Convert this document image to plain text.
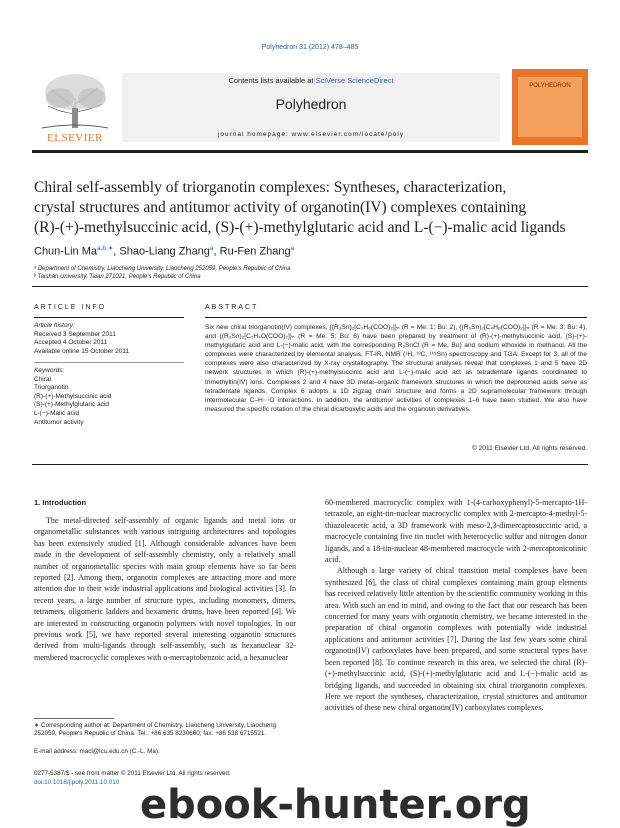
Polyhedron 31 (2012) 478–485
ELSEVIER
Contents lists available at SciVerse ScienceDirect
Polyhedron
journal homepage: www.elsevier.com/locate/poly
POLYHEDRON
Chiral self-assembly of triorganotin complexes: Syntheses, characterization,
crystal structures and antitumor activity of organotin(IV) complexes containing
(R)-(+)-methylsuccinic acid, (S)-(+)-methylglutaric acid and L-(−)-malic acid ligands
Chun-Lin $Ma^{a,b,∗}$, Shao-Liang Zhang$^a$, Ru-Fen Zhang$^a$
ᵃ Department of Chemistry, Liaocheng University, Liaocheng 252059, People's Republic of China
ᵇ Taishan University, Taian 271021, People's Republic of China
ARTICLE INFO
Article history:
Received 3 September 2011
Accepted 4 October 2011
Available online 15 October 2011
Keywords:
Chiral
Triorganotin
(R)-(+)-Methylsuccinic acid
(S)-(+)-Methylglutaric acid
L-(−)-Malic acid
Antitumor activity
ABSTRACT
Six new chiral triorganotin(IV) complexes, {(R₃Sn)₂[C₃H₆(COO)₂]}ₙ (R = Me: 1; Bu: 2), {(R₃Sn)₂[C₄H₈(COO)₂]}ₙ (R = Me: 3; Bu: 4), and {(R₃Sn)₂[C₂H₄O(COO)₂]}ₙ (R = Me: 5; Bu: 6) have been prepared by treatment of (R)-(+)-methylsuccinic acid, (S)-(+)-methylglutaric acid and L-(−)-malic acid, with the corresponding R₃SnCl (R = Me, Bu) and sodium ethoxide in methanol. All the complexes were characterized by elemental analysis, FT-IR, NMR (¹H, ¹³C, ¹¹⁹Sn) spectroscopy and TGA. Except for 3, all of the complexes were also characterized by X-ray crystallography. The structural analyses reveal that complexes 1 and 5 have 2D network structures in which (R)-(+)-methylsuccinic acid and L-(−)-malic acid act as tetradentate ligands coordinated to trimethyltin(IV) ions. Complexes 2 and 4 have 3D metal–organic framework structures in which the deprotoned acids serve as tetradentate ligands. Complex 6 adopts a 1D zigzag chain structure and forms a 2D supramolecular framework through intermolecular C–H⋯O interactions. In addition, the antitumor activities of complexes 1–6 have been studied. We also have measured the specific rotation of the chiral dicarboxylic acids and the organotin derivatives.
© 2011 Elsevier Ltd. All rights reserved.
1. Introduction

The metal-directed self-assembly of organic ligands and metal ions or organometallic substances with various intriguing architectures and topologies has been extensively studied [1]. Although considerable advances have been made in the development of self-assembly chemistry, only a relatively small number of organometallic species with main group elements have so far been reported [2]. Among them, organotin complexes are attracting more and more attention due to their wide industrial applications and biological activities [3]. In recent years, a large number of structure types, including monomers, dimers, tetramers, oligomeric ladders and hexameric drums, have been reported [4]. We are interested in constructing organotin polymers with novel topologies. In our previous work [5], we have reported several interesting organotin structures derived from multi-ligands through self-assembly, such as hexanuclear 32-membered macrocyclic complexes with o-mercaptobenzoic acid, a hexanuclear

60-membered macrocyclic complex with 1-(4-carboxyphenyl)-5-mercapto-1H-tetrazole, an eight-tin-nuclear macrocyclic complex with 2-mercapto-4-methyl-5-thiazoleacetic acid, a 3D framework with meso-2,3-dimercaptosuccinic acid, a macrocycle containing five tin nuclei with heterocyclic sulfur and nitrogen donor ligands, and a 18-tin-nuclear 48-membered macrocycle with 2-mercaptonicotinic acid.

Although a large variety of chiral transition metal complexes have been synthesized [6], the class of chiral complexes containing main group elements has received relatively little attention by the scientific community working in this area. With such an end in mind, and owing to the fact that our research has been concerned for many years with organotin chemistry, we became interested in the preparation of chiral organotin complexes with potentially wide industrial applications and antitumor activities [7]. During the last few years some chiral organotin(IV) carboxylates have been prepared, and some structural types have been reported [8]. To continue research in this area, we selected the chiral (R)-(+)-methylsuccinic acid, (S)-(+)-methylglutaric acid and L-(−)-malic acid as bridging ligands, and succeeded in obtaining six chiral triorganotin complexes. Here we report the syntheses, characterization, crystal structures and antitumor activities of these new chiral organotin(IV) carboxylates complexes.

∗ Corresponding author at: Department of Chemistry, Liaocheng University, Liaocheng 252059, People's Republic of China. Tel.: +86 635 8230660; fax: +86 538 6715521.
E-mail address: macl@lcu.edu.cn (C.-L. Ma).
0277-5387/$ - see front matter © 2011 Elsevier Ltd. All rights reserved.
doi:10.1016/j.poly.2011.10.010 ebook-hunter.org
